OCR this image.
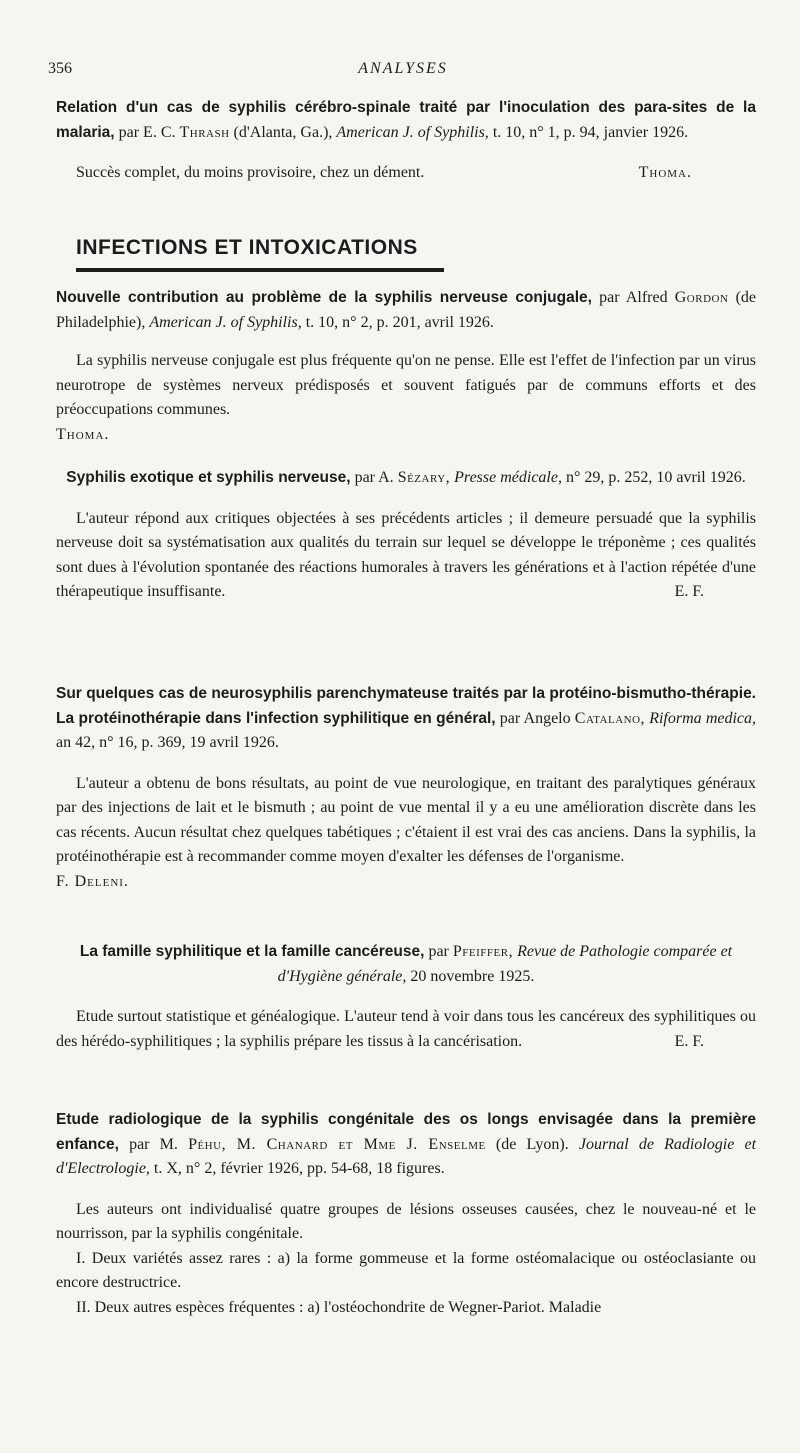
356	ANALYSES

Relation d'un cas de syphilis cérébro-spinale traité par l'inoculation des para-sites de la malaria, par E. C. Thrash (d'Alanta, Ga.), American J. of Syphilis, t. 10, n° 1, p. 94, janvier 1926.

Succès complet, du moins provisoire, chez un dément.	Thoma.

INFECTIONS ET INTOXICATIONS

Nouvelle contribution au problème de la syphilis nerveuse conjugale, par Alfred Gordon (de Philadelphie), American J. of Syphilis, t. 10, n° 2, p. 201, avril 1926.

La syphilis nerveuse conjugale est plus fréquente qu'on ne pense. Elle est l'effet de l'infection par un virus neurotrope de systèmes nerveux prédisposés et souvent fatigués par de communs efforts et des préoccupations communes.

Thoma.

Syphilis exotique et syphilis nerveuse, par A. Sézary, Presse médicale, n° 29, p. 252, 10 avril 1926.

L'auteur répond aux critiques objectées à ses précédents articles ; il demeure persuadé que la syphilis nerveuse doit sa systématisation aux qualités du terrain sur lequel se développe le tréponème ; ces qualités sont dues à l'évolution spontanée des réactions humorales à travers les générations et à l'action répétée d'une thérapeutique insuffisante.	E. F.

Sur quelques cas de neurosyphilis parenchymateuse traités par la protéino-bismutho-thérapie. La protéinothérapie dans l'infection syphilitique en général, par Angelo Catalano, Riforma medica, an 42, n° 16, p. 369, 19 avril 1926.

L'auteur a obtenu de bons résultats, au point de vue neurologique, en traitant des paralytiques généraux par des injections de lait et le bismuth ; au point de vue mental il y a eu une amélioration discrète dans les cas récents. Aucun résultat chez quelques tabétiques ; c'étaient il est vrai des cas anciens. Dans la syphilis, la protéinothérapie est à recommander comme moyen d'exalter les défenses de l'organisme.

F. Deleni.

La famille syphilitique et la famille cancéreuse, par Pfeiffer, Revue de Pathologie comparée et d'Hygiène générale, 20 novembre 1925.

Etude surtout statistique et généalogique. L'auteur tend à voir dans tous les cancéreux des syphilitiques ou des hérédo-syphilitiques ; la syphilis prépare les tissus à la cancérisation.	E. F.

Etude radiologique de la syphilis congénitale des os longs envisagée dans la première enfance, par M. Péhu, M. Chanard et Mme J. Enselme (de Lyon). Journal de Radiologie et d'Electrologie, t. X, n° 2, février 1926, pp. 54-68, 18 figures.

Les auteurs ont individualisé quatre groupes de lésions osseuses causées, chez le nouveau-né et le nourrisson, par la syphilis congénitale.

I. Deux variétés assez rares : a) la forme gommeuse et la forme ostéomalacique ou ostéoclasiante ou encore destructrice.

II. Deux autres espèces fréquentes : a) l'ostéochondrite de Wegner-Pariot. Maladie
